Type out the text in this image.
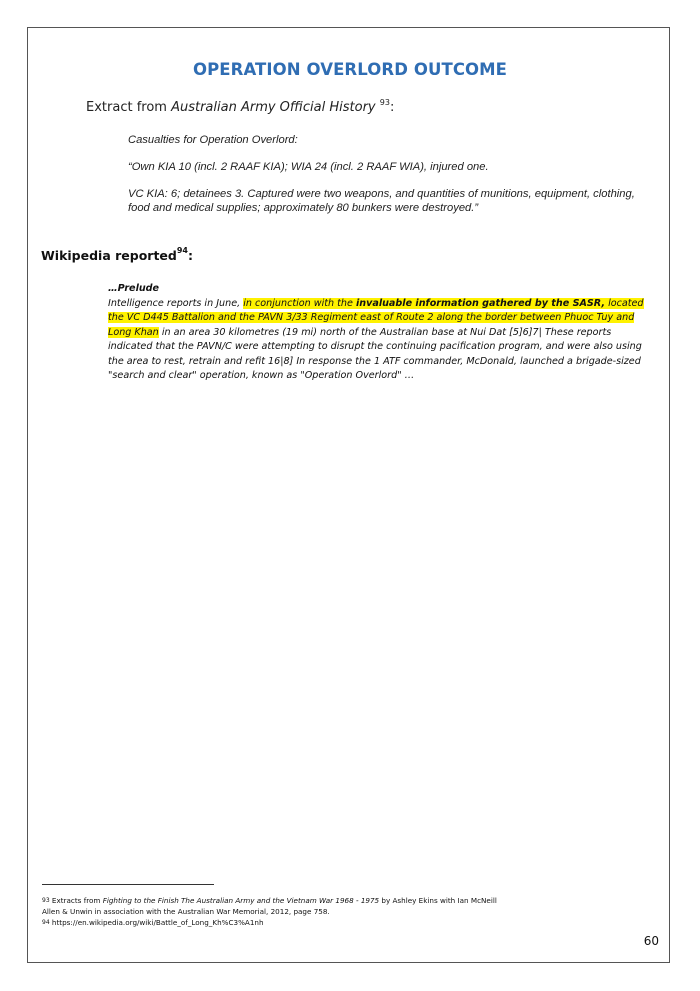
OPERATION OVERLORD OUTCOME
Extract from Australian Army Official History $^{93}$:
Casualties for Operation Overlord:
“Own KIA 10 (incl. 2 RAAF KIA); WIA 24 (incl. 2 RAAF WIA), injured one.
VC KIA: 6; detainees 3. Captured were two weapons, and quantities of munitions, equipment, clothing, food and medical supplies; approximately 80 bunkers were destroyed.”
Wikipedia reported$^{94}$:
…Prelude
Intelligence reports in June, in conjunction with the invaluable information gathered by the SASR, located the VC D445 Battalion and the PAVN 3/33 Regiment east of Route 2 along the border between Phuoc Tuy and Long Khan in an area 30 kilometres (19 mi) north of the Australian base at Nui Dat [5]6]7| These reports indicated that the PAVN/C were attempting to disrupt the continuing pacification program, and were also using the area to rest, retrain and refit 16|8] In response the 1 ATF commander, McDonald, launched a brigade-sized "search and clear" operation, known as "Operation Overlord" …
$^{93}$ Extracts from Fighting to the Finish The Australian Army and the Vietnam War 1968 - 1975 by Ashley Ekins with Ian McNeill
Allen & Unwin in association with the Australian War Memorial, 2012, page 758.
$^{94}$ https://en.wikipedia.org/wiki/Battle_of_Long_Kh%C3%A1nh
60
